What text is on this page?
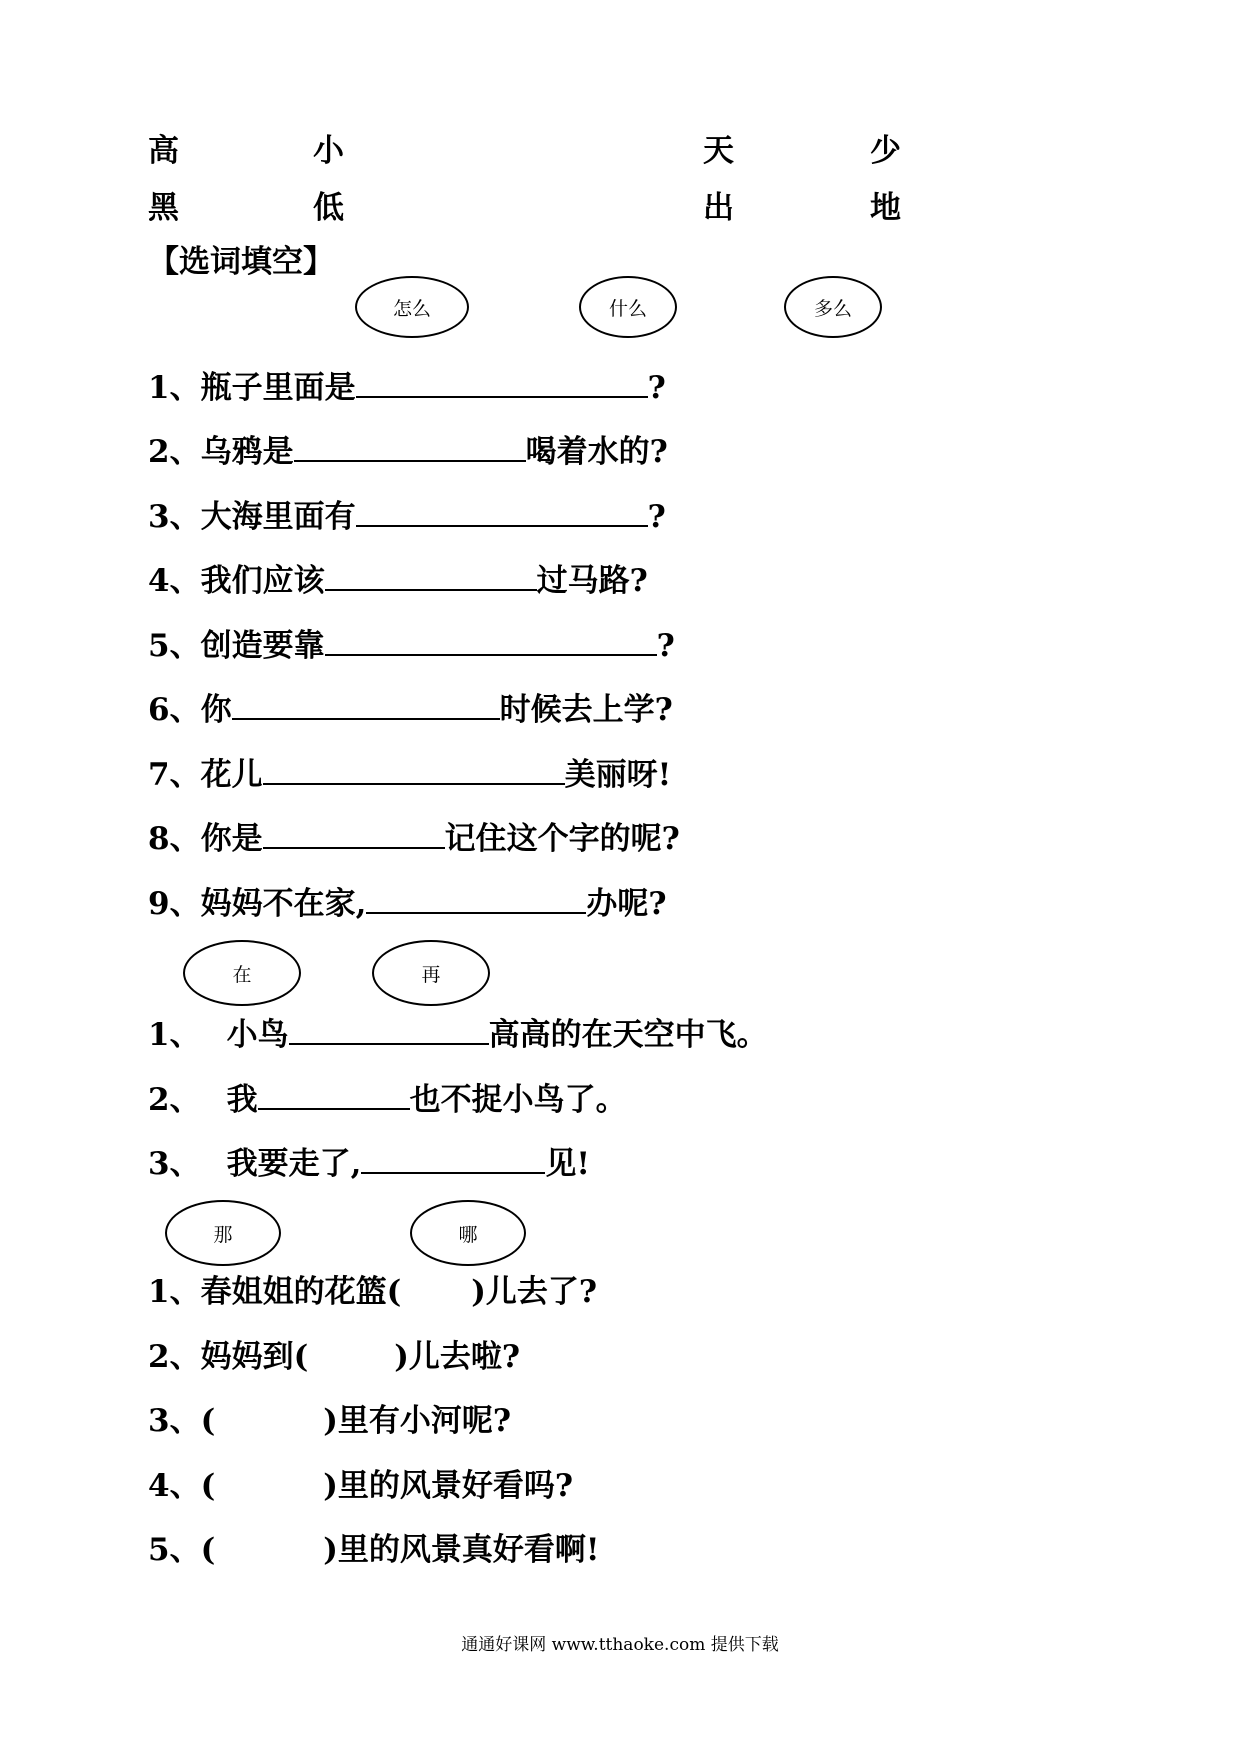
高	小	天	少
黑	低	出	地
【选词填空】
怎么	什么	多么
1、瓶子里面是	?
2、乌鸦是	喝着水的?
3、大海里面有	?
4、我们应该	过马路?
5、创造要靠	?
6、你	时候去上学?
7、花儿	美丽呀!
8、你是	记住这个字的呢?
9、妈妈不在家,	办呢?
在	再
1、 小鸟	高高的在天空中飞。
2、 我	也不捉小鸟了。
3、 我要走了,	见!
那	哪
1、春姐姐的花篮( )儿去了?
2、妈妈到(	)儿去啦?
3、(	)里有小河呢?
4、(	)里的风景好看吗?
5、(	)里的风景真好看啊!
通通好课网 www.tthaoke.com 提供下载
